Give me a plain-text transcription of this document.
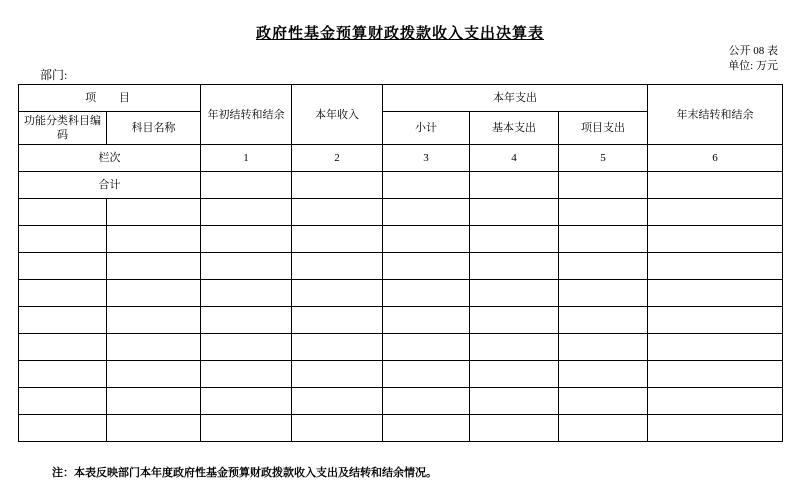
政府性基金预算财政拨款收入支出决算表
公开 08 表
单位: 万元
部门:
项 目		年初结转和结余	本年收入	本年支出			年末结转和结余
功能分类科目编码	科目名称			小计	基本支出	项目支出	
栏次		1	2	3	4	5	6
合计							

注：本表反映部门本年度政府性基金预算财政拨款收入支出及结转和结余情况。
